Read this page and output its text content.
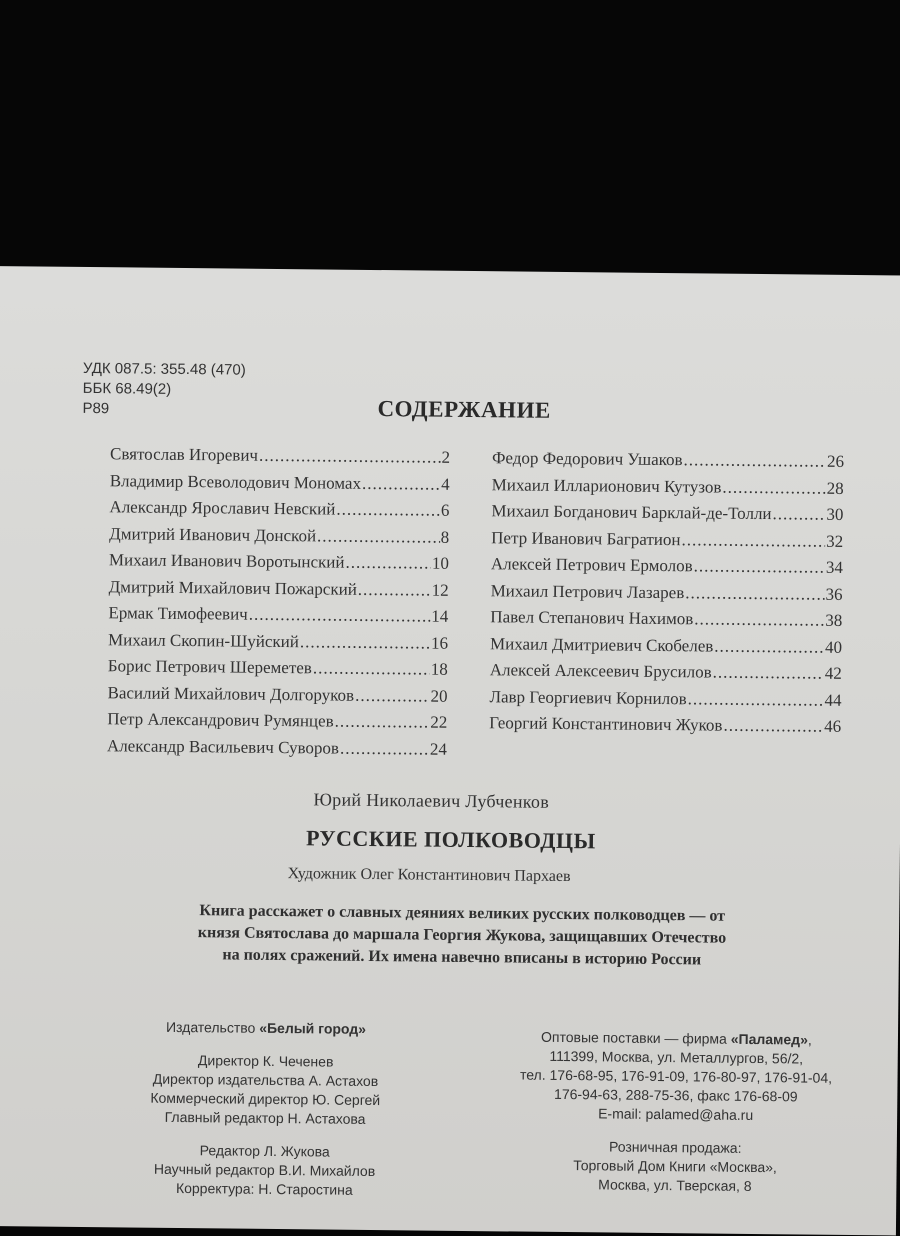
УДК 087.5: 355.48 (470)
ББК 68.49(2)
Р89	СОДЕРЖАНИЕ
Святослав Игоревич .....	2
Владимир Всеволодович Мономах .....	4
Александр Ярославич Невский .....	6
Дмитрий Иванович Донской .....	8
Михаил Иванович Воротынский .....	10
Дмитрий Михайлович Пожарский .....	12
Ермак Тимофеевич .....	14
Михаил Скопин-Шуйский .....	16
Борис Петрович Шереметев .....	18
Василий Михайлович Долгоруков .....	20
Петр Александрович Румянцев .....	22
Александр Васильевич Суворов .....	24
Федор Федорович Ушаков .....	26
Михаил Илларионович Кутузов .....	28
Михаил Богданович Барклай-де-Толли .....	30
Петр Иванович Багратион .....	32
Алексей Петрович Ермолов .....	34
Михаил Петрович Лазарев .....	36
Павел Степанович Нахимов .....	38
Михаил Дмитриевич Скобелев .....	40
Алексей Алексеевич Брусилов .....	42
Лавр Георгиевич Корнилов .....	44
Георгий Константинович Жуков .....	46
Юрий Николаевич Лубченков
РУССКИЕ ПОЛКОВОДЦЫ
Художник Олег Константинович Пархаев
Книга расскажет о славных деяниях великих русских полководцев — от князя Святослава до маршала Георгия Жукова, защищавших Отечество на полях сражений. Их имена навечно вписаны в историю России
Издательство «Белый город»
Директор К. Чеченев
Директор издательства А. Астахов
Коммерческий директор Ю. Сергей
Главный редактор Н. Астахова
Редактор Л. Жукова
Научный редактор В.И. Михайлов
Корректура: Н. Старостина
Оптовые поставки — фирма «Паламед»,
111399, Москва, ул. Металлургов, 56/2,
тел. 176-68-95, 176-91-09, 176-80-97, 176-91-04,
176-94-63, 288-75-36, факс 176-68-09
E-mail: palamed@aha.ru
Розничная продажа:
Торговый Дом Книги «Москва»,
Москва, ул. Тверская, 8
